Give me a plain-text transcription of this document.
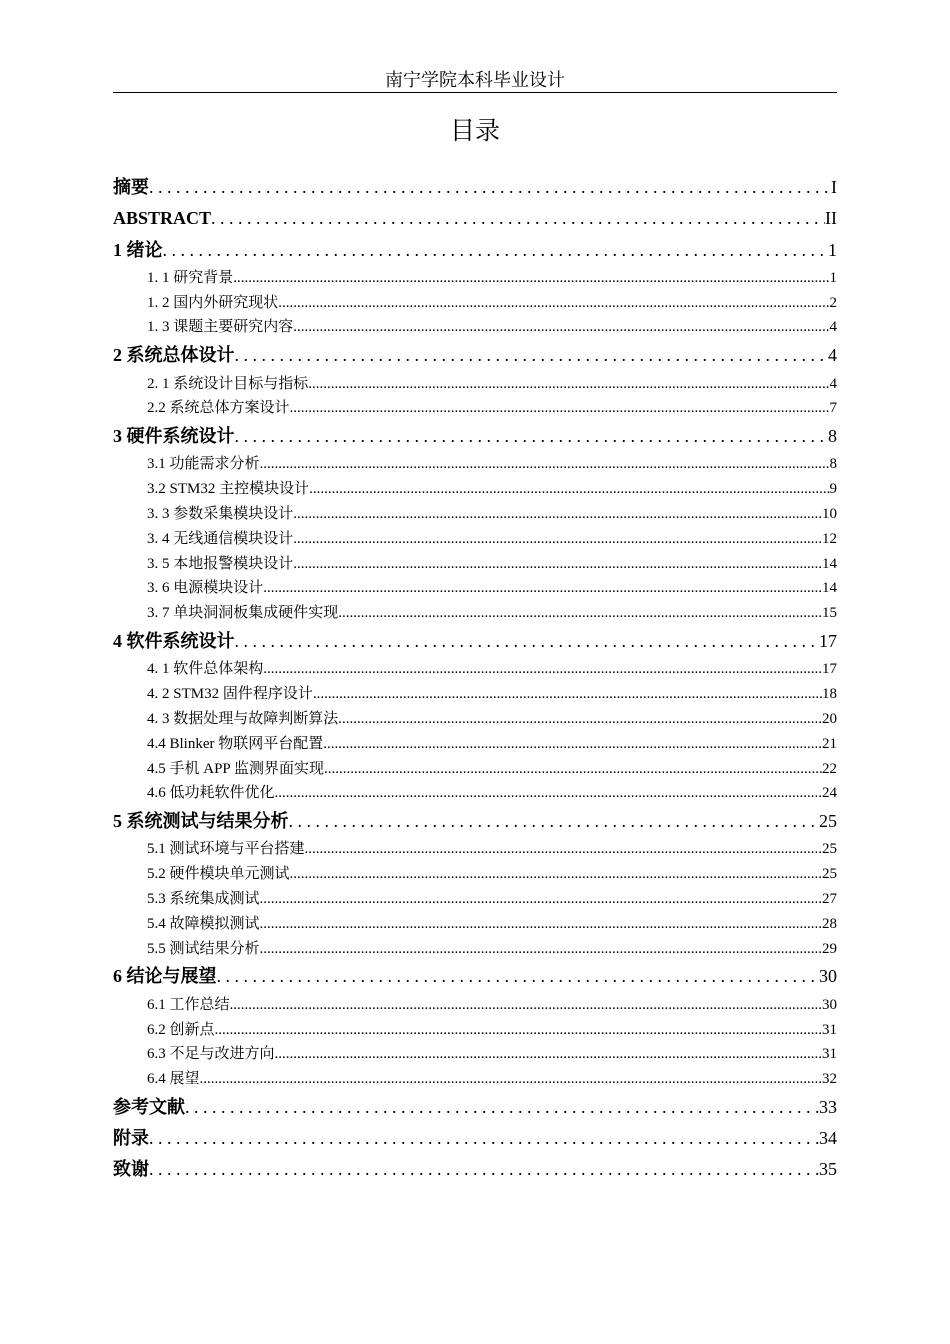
南宁学院本科毕业设计
目录
摘要 . . .	I
ABSTRACT . . .	II
1 绪论 . . .	1
1. 1 研究背景 .....	1
1. 2 国内外研究现状 .....	2
1. 3 课题主要研究内容 .....	4
2 系统总体设计 . . .	4
2. 1 系统设计目标与指标 .....	4
2.2 系统总体方案设计 .....	7
3 硬件系统设计 . . .	8
3.1 功能需求分析 .....	8
3.2 STM32 主控模块设计 .....	9
3. 3 参数采集模块设计 .....	10
3. 4 无线通信模块设计 .....	12
3. 5 本地报警模块设计 .....	14
3. 6 电源模块设计 .....	14
3. 7 单块洞洞板集成硬件实现 .....	15
4 软件系统设计 . . .	17
4. 1 软件总体架构 .....	17
4. 2 STM32 固件程序设计 .....	18
4. 3 数据处理与故障判断算法 .....	20
4.4 Blinker 物联网平台配置 .....	21
4.5 手机 APP 监测界面实现 .....	22
4.6 低功耗软件优化 .....	24
5 系统测试与结果分析 . . .	25
5.1 测试环境与平台搭建 .....	25
5.2 硬件模块单元测试 .....	25
5.3 系统集成测试 .....	27
5.4 故障模拟测试 .....	28
5.5 测试结果分析 .....	29
6 结论与展望 . . .	30
6.1 工作总结 .....	30
6.2 创新点 .....	31
6.3 不足与改进方向 .....	31
6.4 展望 .....	32
参考文献 . . .	33
附录 . . .	34
致谢 . . .	35
